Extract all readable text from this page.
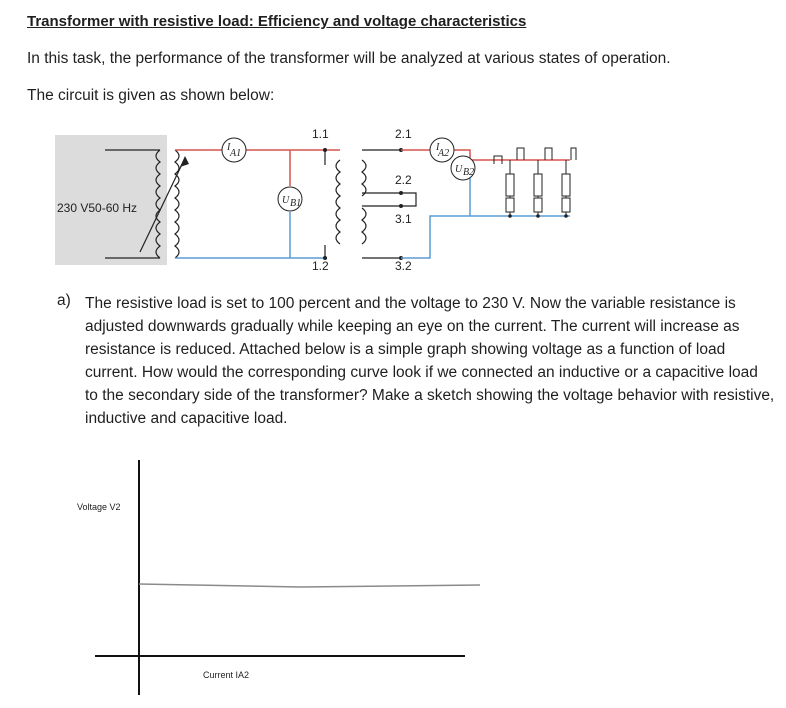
Transformer with resistive load: Efficiency and voltage characteristics
In this task, the performance of the transformer will be analyzed at various states of operation.
The circuit is given as shown below:
230 V50-60 Hz
I
A1
U B1
1.1
1.2
2.1
2.2
3.1
3.2
I
A2
U B2
a) The resistive load is set to 100 percent and the voltage to 230 V. Now the variable resistance is adjusted downwards gradually while keeping an eye on the current. The current will increase as resistance is reduced. Attached below is a simple graph showing voltage as a function of load current. How would the corresponding curve look if we connected an inductive or a capacitive load to the secondary side of the transformer? Make a sketch showing the voltage behavior with resistive, inductive and capacitive load.
Voltage V2
Current IA2
